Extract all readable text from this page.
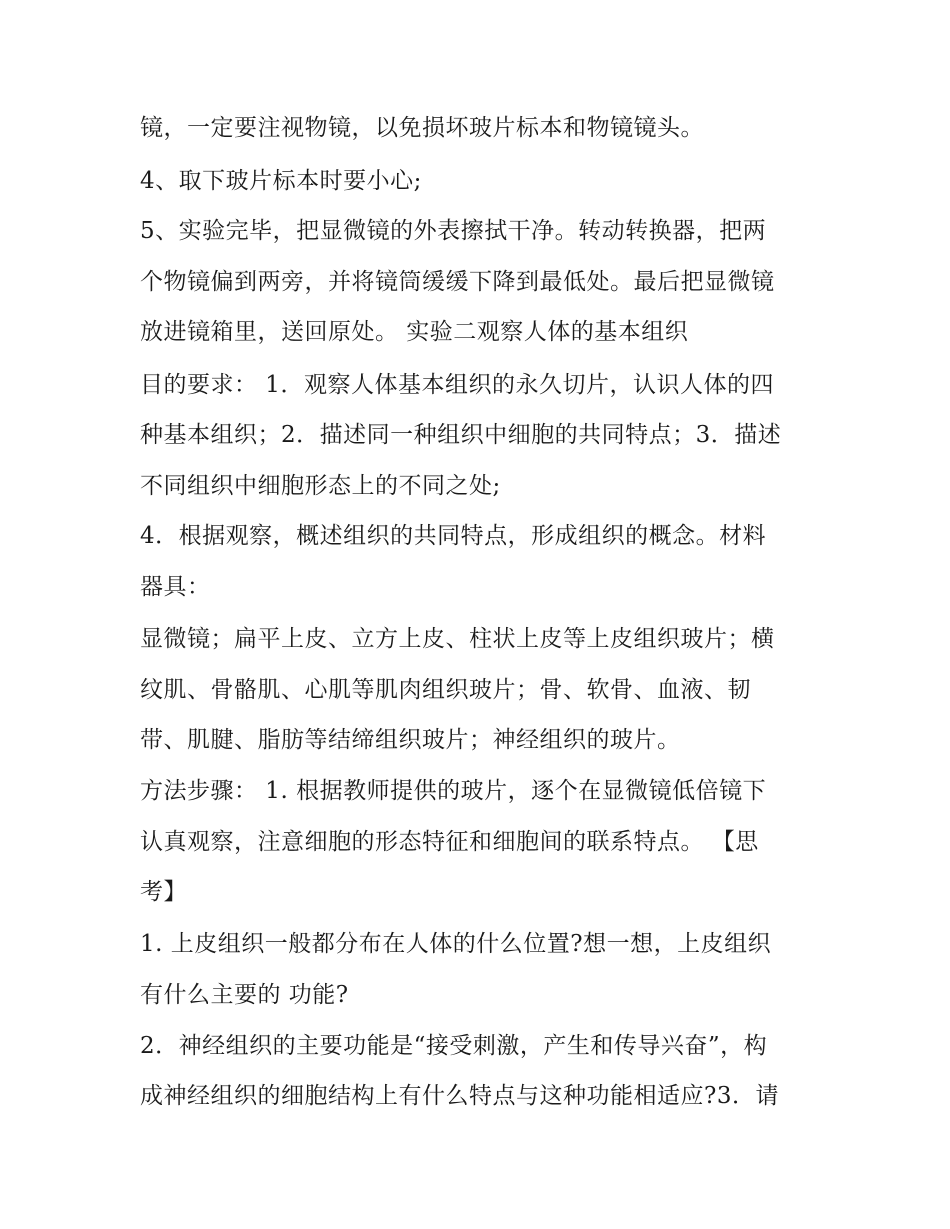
镜，一定要注视物镜，以免损坏玻片标本和物镜镜头。
4、取下玻片标本时要小心;
5、实验完毕，把显微镜的外表擦拭干净。转动转换器，把两
个物镜偏到两旁，并将镜筒缓缓下降到最低处。最后把显微镜
放进镜箱里，送回原处。 实验二观察人体的基本组织
目的要求： 1．观察人体基本组织的永久切片，认识人体的四
种基本组织；2．描述同一种组织中细胞的共同特点；3．描述
不同组织中细胞形态上的不同之处;
4．根据观察，概述组织的共同特点，形成组织的概念。材料
器具：
显微镜；扁平上皮、立方上皮、柱状上皮等上皮组织玻片；横
纹肌、骨骼肌、心肌等肌肉组织玻片；骨、软骨、血液、韧
带、肌腱、脂肪等结缔组织玻片；神经组织的玻片。
方法步骤： 1. 根据教师提供的玻片，逐个在显微镜低倍镜下
认真观察，注意细胞的形态特征和细胞间的联系特点。 【思
考】
1. 上皮组织一般都分布在人体的什么位置?想一想，上皮组织
有什么主要的 功能?
2．神经组织的主要功能是“接受刺激，产生和传导兴奋”，构
成神经组织的细胞结构上有什么特点与这种功能相适应?3．请
